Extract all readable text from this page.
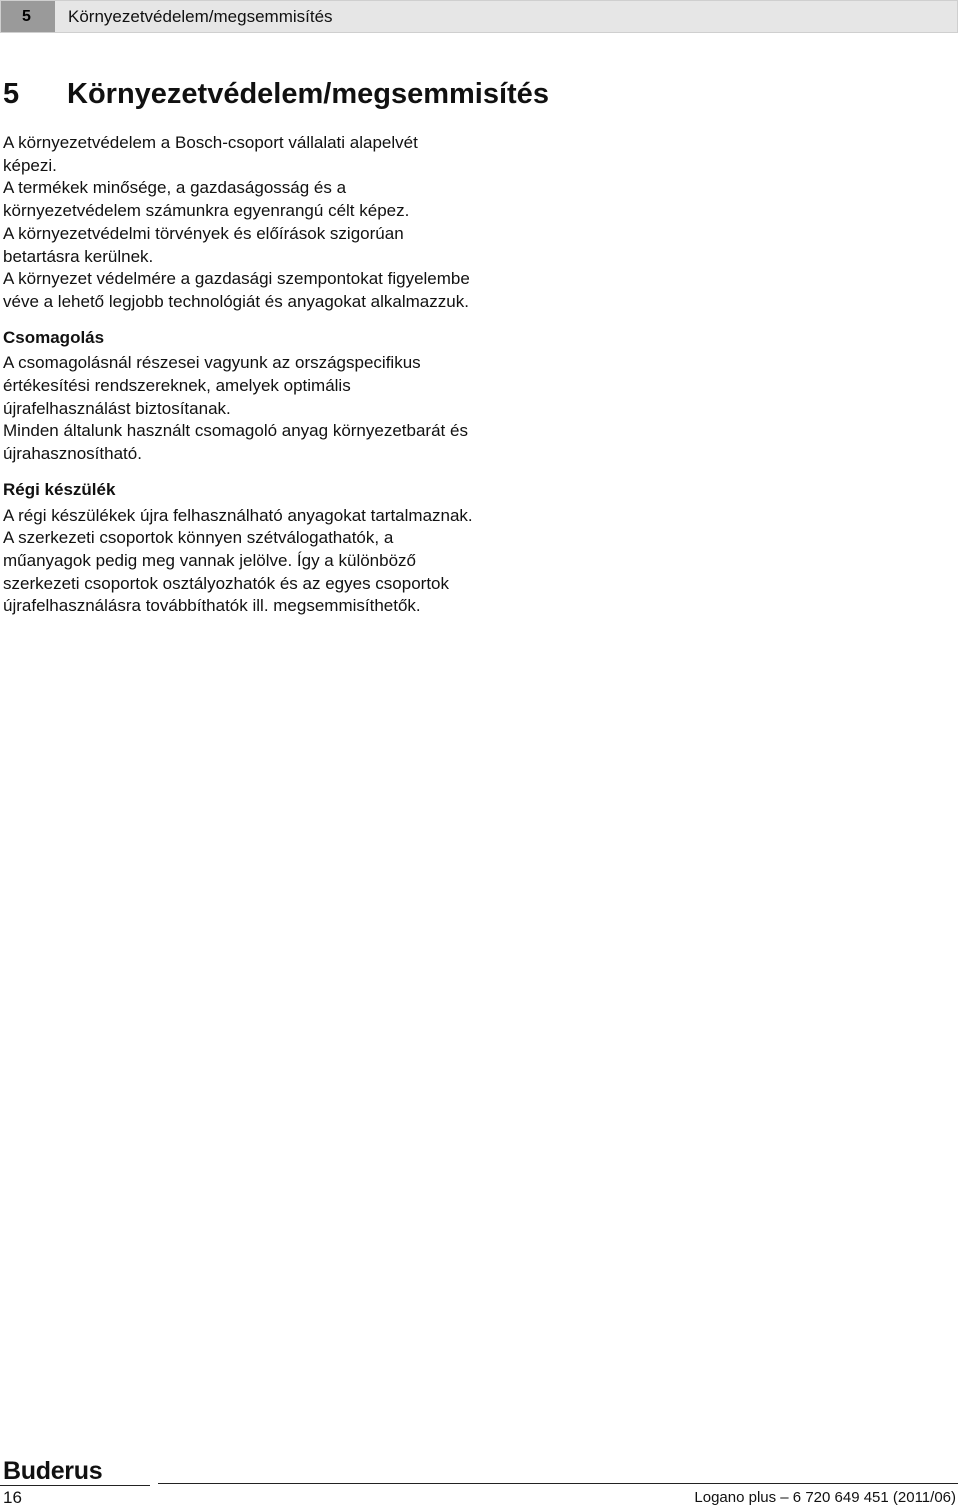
5	Környezetvédelem/megsemmisítés
5 Környezetvédelem/megsemmisítés

A környezetvédelem a Bosch-csoport vállalati alapelvét képezi.

A termékek minősége, a gazdaságosság és a környezetvédelem számunkra egyenrangú célt képez.

A környezetvédelmi törvények és előírások szigorúan betartásra kerülnek.

A környezet védelmére a gazdasági szempontokat figyelembe véve a lehető legjobb technológiát és anyagokat alkalmazzuk.

Csomagolás

A csomagolásnál részesei vagyunk az országspecifikus értékesítési rendszereknek, amelyek optimális újrafelhasználást biztosítanak.

Minden általunk használt csomagoló anyag környezetbarát és újrahasznosítható.

Régi készülék

A régi készülékek újra felhasználható anyagokat tartalmaznak.

A szerkezeti csoportok könnyen szétválogathatók, a műanyagok pedig meg vannak jelölve. Így a különböző szerkezeti csoportok osztályozhatók és az egyes csoportok újrafelhasználásra továbbíthatók ill. megsemmisíthetők.

Buderus
16	Logano plus – 6 720 649 451 (2011/06)
